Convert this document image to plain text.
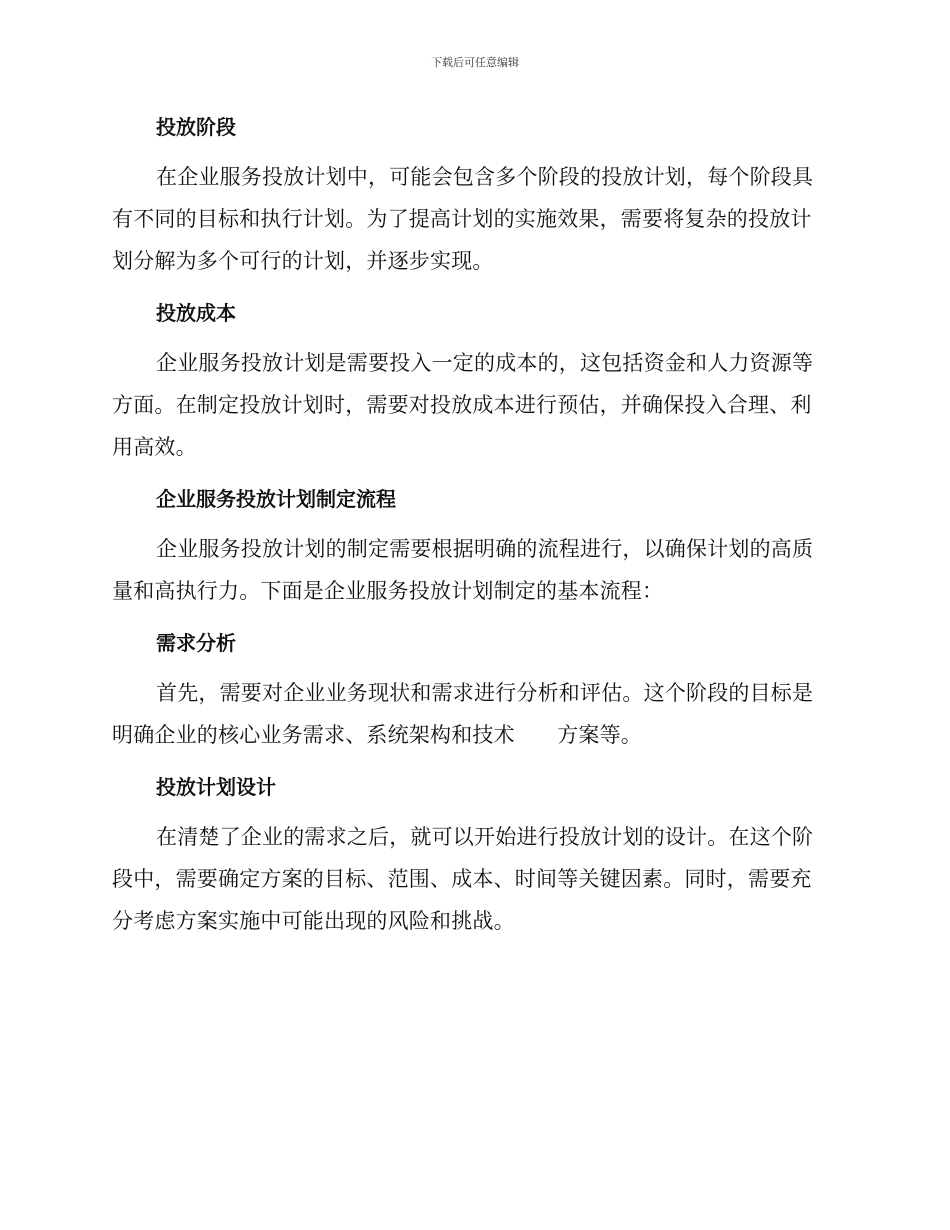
下载后可任意编辑
投放阶段

在企业服务投放计划中，可能会包含多个阶段的投放计划，每个阶段具有不同的目标和执行计划。为了提高计划的实施效果，需要将复杂的投放计划分解为多个可行的计划，并逐步实现。

投放成本

企业服务投放计划是需要投入一定的成本的，这包括资金和人力资源等方面。在制定投放计划时，需要对投放成本进行预估，并确保投入合理、利用高效。

企业服务投放计划制定流程

企业服务投放计划的制定需要根据明确的流程进行，以确保计划的高质量和高执行力。下面是企业服务投放计划制定的基本流程：

需求分析

首先，需要对企业业务现状和需求进行分析和评估。这个阶段的目标是明确企业的核心业务需求、系统架构和技术　　方案等。

投放计划设计

在清楚了企业的需求之后，就可以开始进行投放计划的设计。在这个阶段中，需要确定方案的目标、范围、成本、时间等关键因素。同时，需要充分考虑方案实施中可能出现的风险和挑战。
